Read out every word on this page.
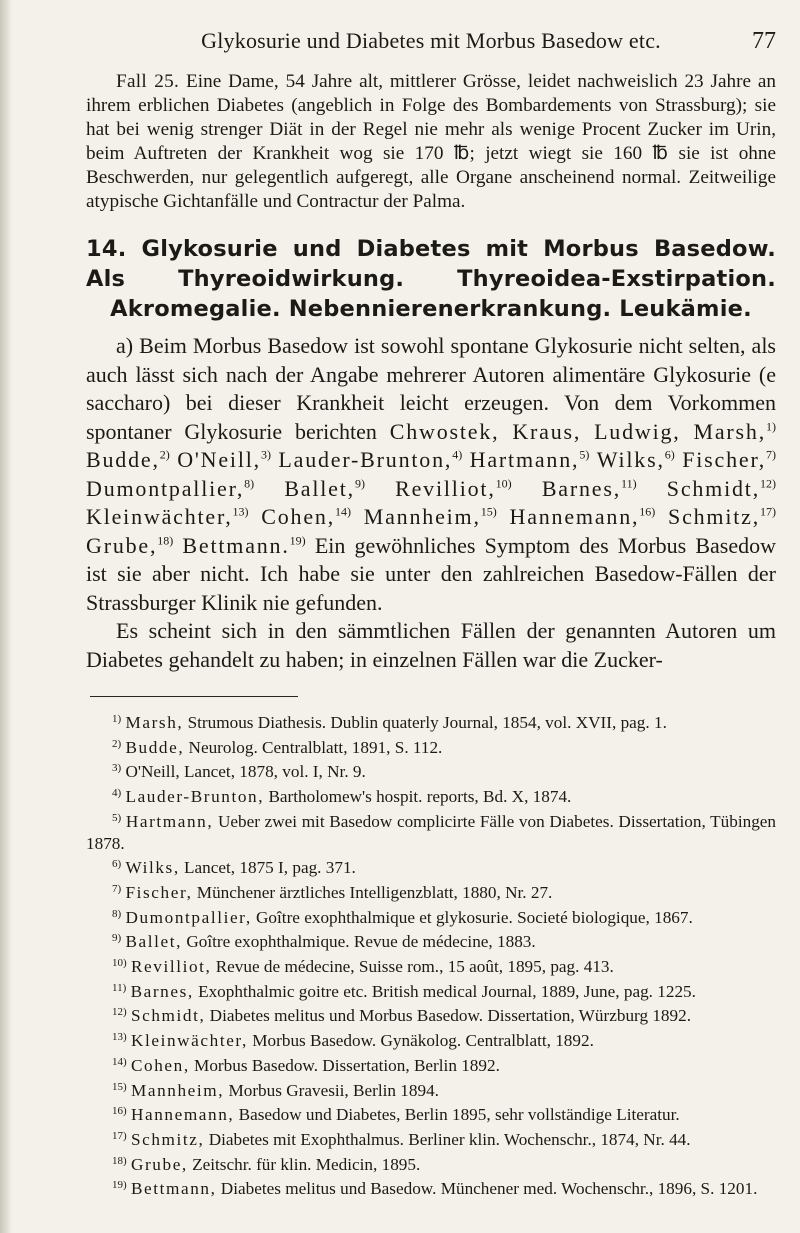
Glykosurie und Diabetes mit Morbus Basedow etc.	77
Fall 25. Eine Dame, 54 Jahre alt, mittlerer Grösse, leidet nachweislich 23 Jahre an ihrem erblichen Diabetes (angeblich in Folge des Bombardements von Strassburg); sie hat bei wenig strenger Diät in der Regel nie mehr als wenige Procent Zucker im Urin, beim Auftreten der Krankheit wog sie 170 ℔; jetzt wiegt sie 160 ℔ sie ist ohne Beschwerden, nur gelegentlich aufgeregt, alle Organe anscheinend normal. Zeitweilige atypische Gichtanfälle und Contractur der Palma.
14. Glykosurie und Diabetes mit Morbus Basedow. Als Thyreoidwirkung. Thyreoidea-Exstirpation. Akromegalie. Nebennierenerkrankung. Leukämie.

a) Beim Morbus Basedow ist sowohl spontane Glykosurie nicht selten, als auch lässt sich nach der Angabe mehrerer Autoren alimentäre Glykosurie (e saccharo) bei dieser Krankheit leicht erzeugen. Von dem Vorkommen spontaner Glykosurie berichten Chwostek, Kraus, Ludwig, Marsh,$^{1)}$ Budde,$^{2)}$ O'Neill,$^{3)}$ Lauder-Brunton,$^{4)}$ Hartmann,$^{5)}$ Wilks,$^{6)}$ Fischer,$^{7)}$ Dumontpallier,$^{8)}$ Ballet,$^{9)}$ Revilliot,$^{10)}$ Barnes,$^{11)}$ Schmidt,$^{12)}$ Kleinwächter,$^{13)}$ Cohen,$^{14)}$ Mannheim,$^{15)}$ Hannemann,$^{16)}$ Schmitz,$^{17)}$ Grube,$^{18)}$ Bettmann.$^{19)}$ Ein gewöhnliches Symptom des Morbus Basedow ist sie aber nicht. Ich habe sie unter den zahlreichen Basedow-Fällen der Strassburger Klinik nie gefunden.

Es scheint sich in den sämmtlichen Fällen der genannten Autoren um Diabetes gehandelt zu haben; in einzelnen Fällen war die Zucker-

$^{1)}$ Marsh, Strumous Diathesis. Dublin quaterly Journal, 1854, vol. XVII, pag. 1.
$^{2)}$ Budde, Neurolog. Centralblatt, 1891, S. 112.
$^{3)}$ O'Neill, Lancet, 1878, vol. I, Nr. 9.
$^{4)}$ Lauder-Brunton, Bartholomew's hospit. reports, Bd. X, 1874.
$^{5)}$ Hartmann, Ueber zwei mit Basedow complicirte Fälle von Diabetes. Dissertation, Tübingen 1878.
$^{6)}$ Wilks, Lancet, 1875 I, pag. 371.
$^{7)}$ Fischer, Münchener ärztliches Intelligenzblatt, 1880, Nr. 27.
$^{8)}$ Dumontpallier, Goître exophthalmique et glykosurie. Societé biologique, 1867.
$^{9)}$ Ballet, Goître exophthalmique. Revue de médecine, 1883.
$^{10)}$ Revilliot, Revue de médecine, Suisse rom., 15 août, 1895, pag. 413.
$^{11)}$ Barnes, Exophthalmic goitre etc. British medical Journal, 1889, June, pag. 1225.
$^{12)}$ Schmidt, Diabetes melitus und Morbus Basedow. Dissertation, Würzburg 1892.
$^{13)}$ Kleinwächter, Morbus Basedow. Gynäkolog. Centralblatt, 1892.
$^{14)}$ Cohen, Morbus Basedow. Dissertation, Berlin 1892.
$^{15)}$ Mannheim, Morbus Gravesii, Berlin 1894.
$^{16)}$ Hannemann, Basedow und Diabetes, Berlin 1895, sehr vollständige Literatur.
$^{17)}$ Schmitz, Diabetes mit Exophthalmus. Berliner klin. Wochenschr., 1874, Nr. 44.
$^{18)}$ Grube, Zeitschr. für klin. Medicin, 1895.
$^{19)}$ Bettmann, Diabetes melitus und Basedow. Münchener med. Wochenschr., 1896, S. 1201.
